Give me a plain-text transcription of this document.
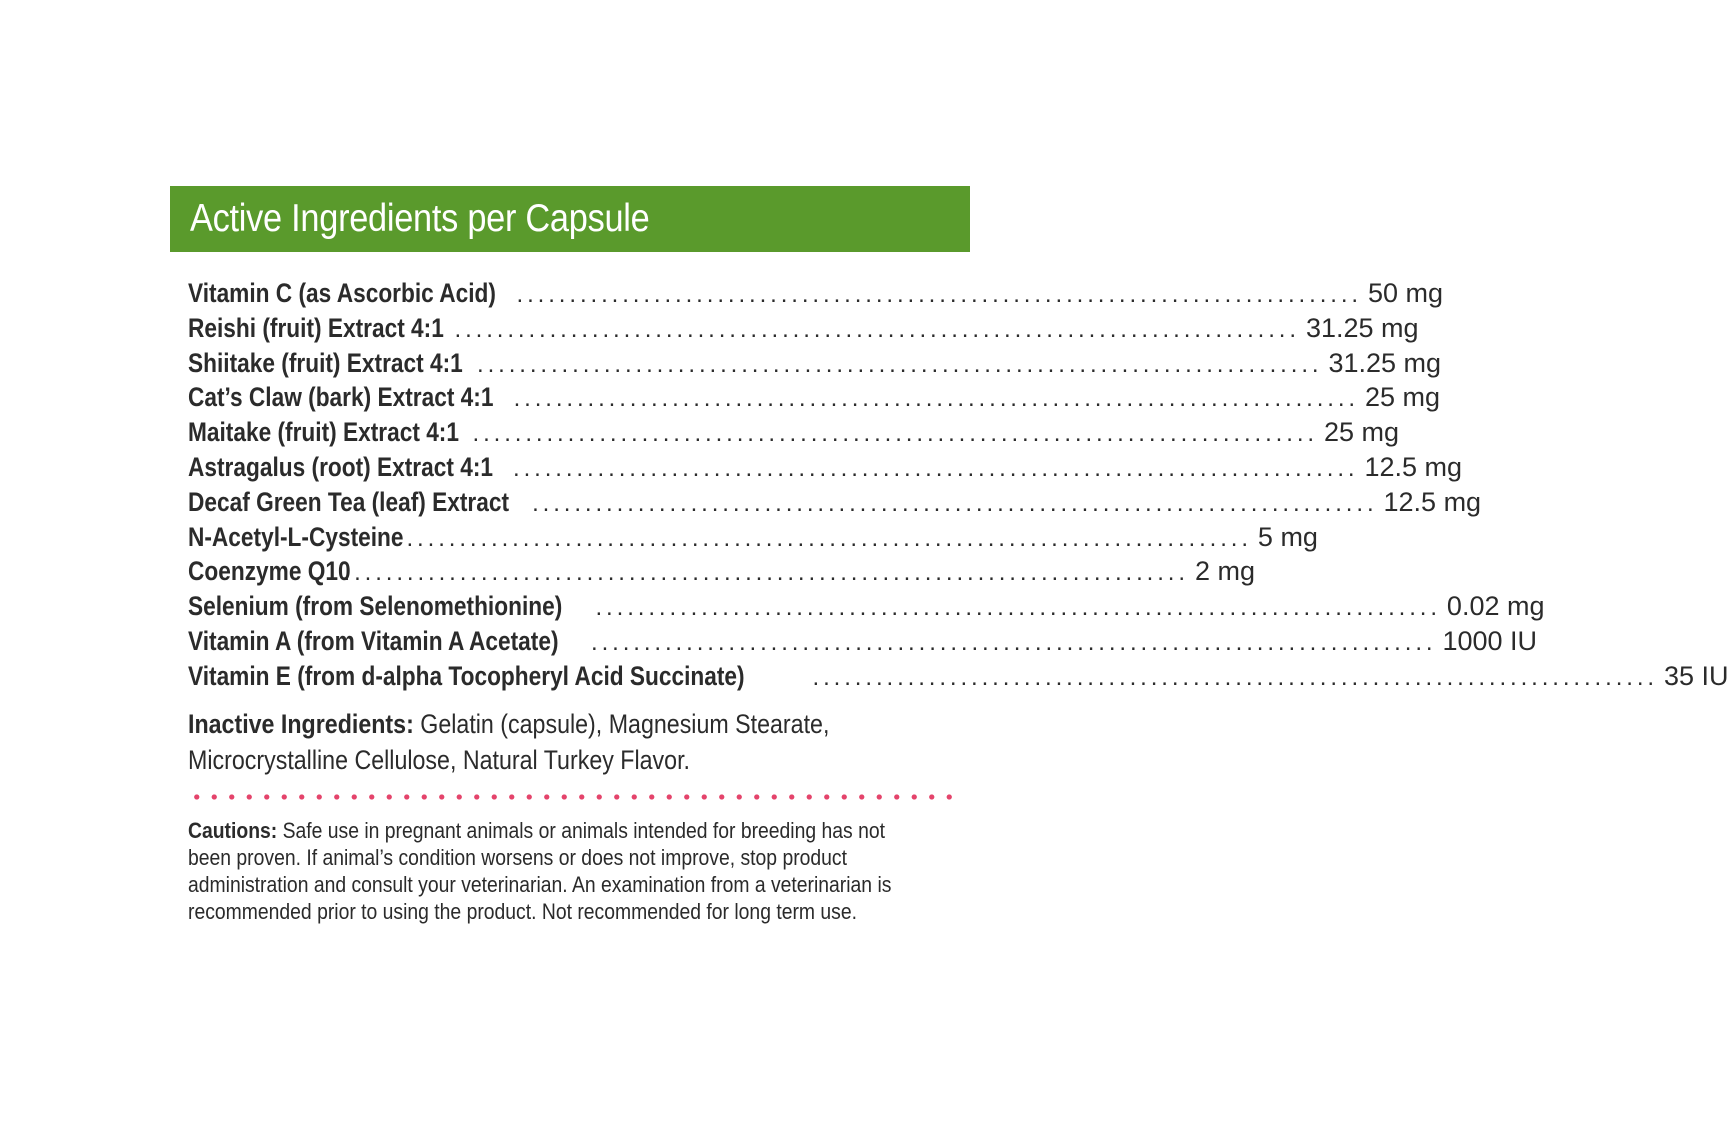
Active Ingredients per Capsule
Vitamin C (as Ascorbic Acid) ................................................................................ 50 mg
Reishi (fruit) Extract 4:1 ................................................................................ 31.25 mg
Shiitake (fruit) Extract 4:1 ................................................................................ 31.25 mg
Cat’s Claw (bark) Extract 4:1 ................................................................................ 25 mg
Maitake (fruit) Extract 4:1 ................................................................................ 25 mg
Astragalus (root) Extract 4:1 ................................................................................ 12.5 mg
Decaf Green Tea (leaf) Extract ................................................................................ 12.5 mg
N-Acetyl-L-Cysteine ................................................................................ 5 mg
Coenzyme Q10
................................................................................ 2 mg
Selenium (from Selenomethionine) ................................................................................ 0.02 mg
Vitamin A (from Vitamin A Acetate) ................................................................................ 1000 IU
Vitamin E (from d-alpha Tocopheryl Acid Succinate)	................................................................................ 35 IU
Inactive Ingredients: Gelatin (capsule), Magnesium Stearate, Microcrystalline Cellulose, Natural Turkey Flavor.
Cautions: Safe use in pregnant animals or animals intended for breeding has not been proven. If animal’s condition worsens or does not improve, stop product administration and consult your veterinarian. An examination from a veterinarian is recommended prior to using the product. Not recommended for long term use.
